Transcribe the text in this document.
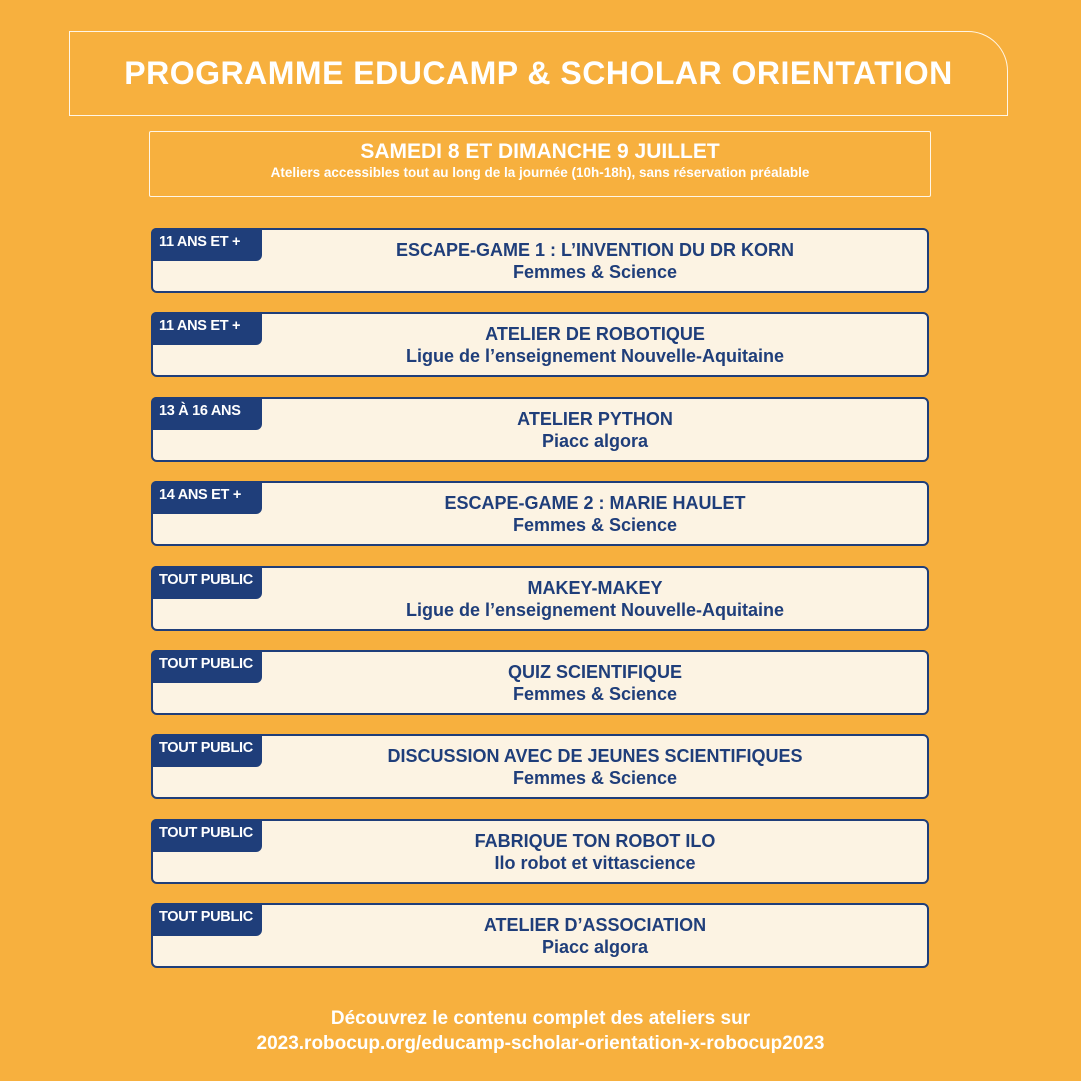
PROGRAMME EDUCAMP & SCHOLAR ORIENTATION
SAMEDI 8 ET DIMANCHE 9 JUILLET
Ateliers accessibles tout au long de la journée (10h-18h), sans réservation préalable
11 ANS ET +	ESCAPE-GAME 1 : L’INVENTION DU DR KORN
Femmes & Science
11 ANS ET +	ATELIER DE ROBOTIQUE
Ligue de l’enseignement Nouvelle-Aquitaine
13 À 16 ANS	ATELIER PYTHON
Piacc algora
14 ANS ET +	ESCAPE-GAME 2 : MARIE HAULET
Femmes & Science
TOUT PUBLIC	MAKEY-MAKEY
Ligue de l’enseignement Nouvelle-Aquitaine
TOUT PUBLIC	QUIZ SCIENTIFIQUE
Femmes & Science
TOUT PUBLIC	DISCUSSION AVEC DE JEUNES SCIENTIFIQUES
Femmes & Science
TOUT PUBLIC	FABRIQUE TON ROBOT ILO
Ilo robot et vittascience
TOUT PUBLIC	ATELIER D’ASSOCIATION
Piacc algora
Découvrez le contenu complet des ateliers sur
2023.robocup.org/educamp-scholar-orientation-x-robocup2023
